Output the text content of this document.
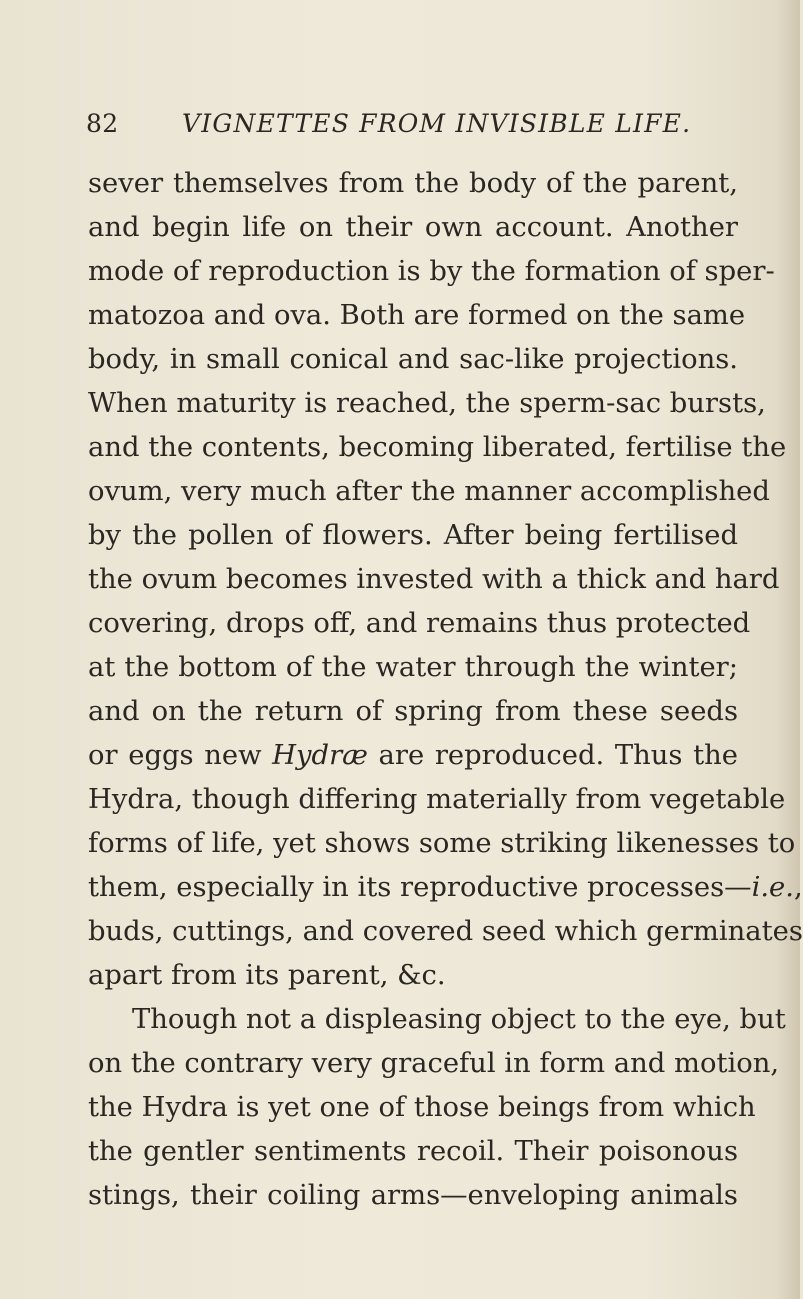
82	VIGNETTES FROM INVISIBLE LIFE.
sever themselves from the body of the parent,
and begin life on their own account. Another
mode of reproduction is by the formation of sper-
matozoa and ova. Both are formed on the same
body, in small conical and sac-like projections.
When maturity is reached, the sperm-sac bursts,
and the contents, becoming liberated, fertilise the
ovum, very much after the manner accomplished
by the pollen of flowers. After being fertilised
the ovum becomes invested with a thick and hard
covering, drops off, and remains thus protected
at the bottom of the water through the winter;
and on the return of spring from these seeds
or eggs new Hydræ are reproduced. Thus the
Hydra, though differing materially from vegetable
forms of life, yet shows some striking likenesses to
them, especially in its reproductive processes—i.e.,
buds, cuttings, and covered seed which germinates
apart from its parent, &c.
Though not a displeasing object to the eye, but
on the contrary very graceful in form and motion,
the Hydra is yet one of those beings from which
the gentler sentiments recoil. Their poisonous
stings, their coiling arms—enveloping animals
